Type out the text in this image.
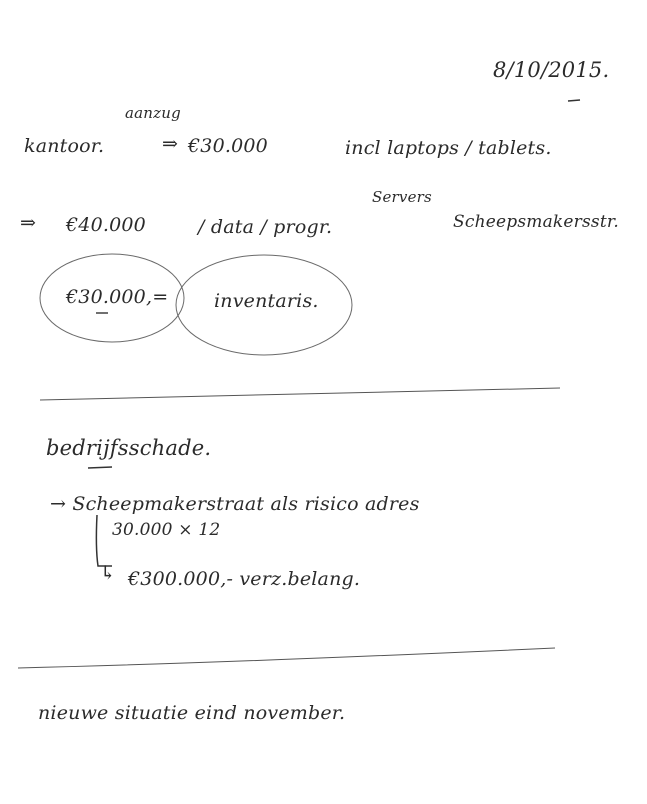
8/10/2015.
aanzug
kantoor.	⇒ €30.000	incl laptops / tablets.
Servers
⇒ €40.000	/ data / progr.	Scheepsmakersstr.
€30.000,= inventaris.
bedrijfsschade.
→ Scheepmakerstraat als risico adres
30.000 × 12
↳ €300.000,- verz.belang.
nieuwe situatie eind november.
